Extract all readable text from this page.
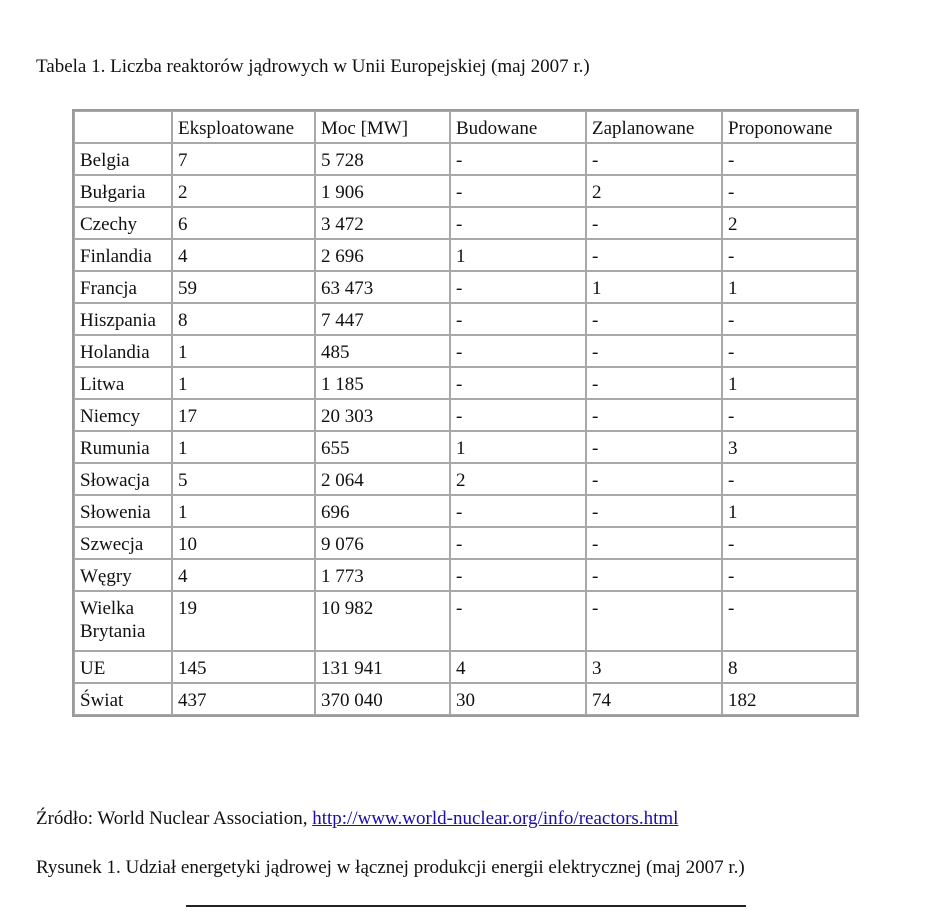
Tabela 1. Liczba reaktorów jądrowych w Unii Europejskiej (maj 2007 r.)
	Eksploatowane	Moc [MW]	Budowane	Zaplanowane	Proponowane
Belgia	7	5 728	-	-	-
Bułgaria	2	1 906	-	2	-
Czechy	6	3 472	-	-	2
Finlandia	4	2 696	1	-	-
Francja	59	63 473	-	1	1
Hiszpania	8	7 447	-	-	-
Holandia	1	485	-	-	-
Litwa	1	1 185	-	-	1
Niemcy	17	20 303	-	-	-
Rumunia	1	655	1	-	3
Słowacja	5	2 064	2	-	-
Słowenia	1	696	-	-	1
Szwecja	10	9 076	-	-	-
Węgry	4	1 773	-	-	-
Wielka Brytania	19	10 982	-	-	-
UE	145	131 941	4	3	8
Świat	437	370 040	30	74	182
Źródło: World Nuclear Association, http://www.world-nuclear.org/info/reactors.html
Rysunek 1. Udział energetyki jądrowej w łącznej produkcji energii elektrycznej (maj 2007 r.)
